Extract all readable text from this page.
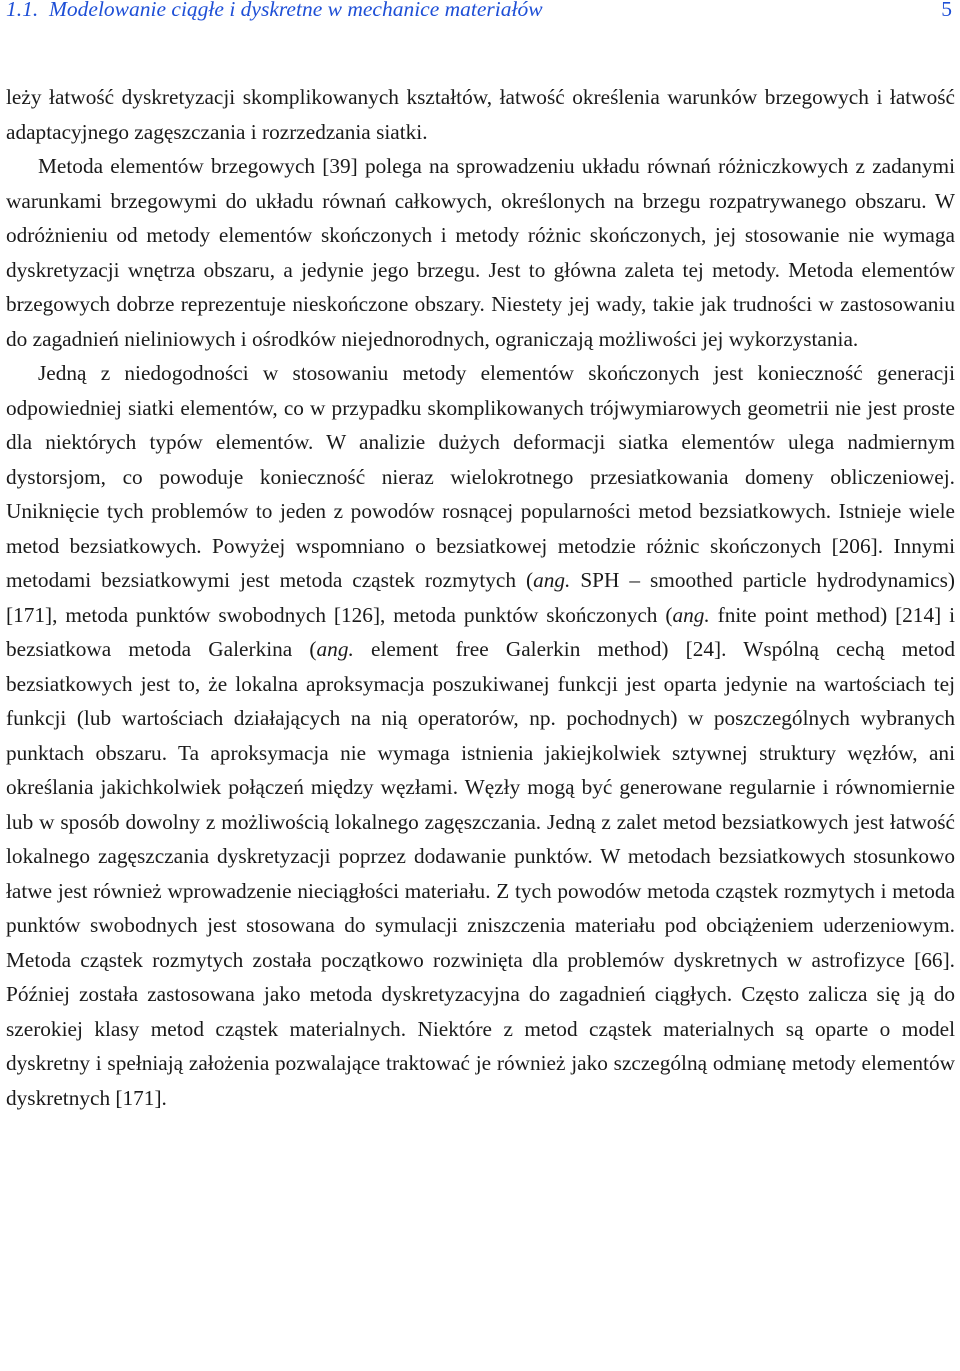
1.1. Modelowanie ciągłe i dyskretne w mechanice materiałów	5

leży łatwość dyskretyzacji skomplikowanych kształtów, łatwość określenia warunków brzegowych i łatwość adaptacyjnego zagęszczania i rozrzedzania siatki.

Metoda elementów brzegowych [39] polega na sprowadzeniu układu równań różniczkowych z zadanymi warunkami brzegowymi do układu równań całkowych, określonych na brzegu rozpatrywanego obszaru. W odróżnieniu od metody elementów skończonych i metody różnic skończonych, jej stosowanie nie wymaga dyskretyzacji wnętrza obszaru, a jedynie jego brzegu. Jest to główna zaleta tej metody. Metoda elementów brzegowych dobrze reprezentuje nieskończone obszary. Niestety jej wady, takie jak trudności w zastosowaniu do zagadnień nieliniowych i ośrodków niejednorodnych, ograniczają możliwości jej wykorzystania.

Jedną z niedogodności w stosowaniu metody elementów skończonych jest konieczność generacji odpowiedniej siatki elementów, co w przypadku skomplikowanych trójwymiarowych geometrii nie jest proste dla niektórych typów elementów. W analizie dużych deformacji siatka elementów ulega nadmiernym dystorsjom, co powoduje konieczność nieraz wielokrotnego przesiatkowania domeny obliczeniowej. Uniknięcie tych problemów to jeden z powodów rosnącej popularności metod bezsiatkowych. Istnieje wiele metod bezsiatkowych. Powyżej wspomniano o bezsiatkowej metodzie różnic skończonych [206]. Innymi metodami bezsiatkowymi jest metoda cząstek rozmytych (ang. SPH – smoothed particle hydrodynamics) [171], metoda punktów swobodnych [126], metoda punktów skończonych (ang. fnite point method) [214] i bezsiatkowa metoda Galerkina (ang. element free Galerkin method) [24]. Wspólną cechą metod bezsiatkowych jest to, że lokalna aproksymacja poszukiwanej funkcji jest oparta jedynie na wartościach tej funkcji (lub wartościach działających na nią operatorów, np. pochodnych) w poszczególnych wybranych punktach obszaru. Ta aproksymacja nie wymaga istnienia jakiejkolwiek sztywnej struktury węzłów, ani określania jakichkolwiek połączeń między węzłami. Węzły mogą być generowane regularnie i równomiernie lub w sposób dowolny z możliwością lokalnego zagęszczania. Jedną z zalet metod bezsiatkowych jest łatwość lokalnego zagęszczania dyskretyzacji poprzez dodawanie punktów. W metodach bezsiatkowych stosunkowo łatwe jest również wprowadzenie nieciągłości materiału. Z tych powodów metoda cząstek rozmytych i metoda punktów swobodnych jest stosowana do symulacji zniszczenia materiału pod obciążeniem uderzeniowym. Metoda cząstek rozmytych została początkowo rozwinięta dla problemów dyskretnych w astrofizyce [66]. Później została zastosowana jako metoda dyskretyzacyjna do zagadnień ciągłych. Często zalicza się ją do szerokiej klasy metod cząstek materialnych. Niektóre z metod cząstek materialnych są oparte o model dyskretny i spełniają założenia pozwalające traktować je również jako szczególną odmianę metody elementów dyskretnych [171].
